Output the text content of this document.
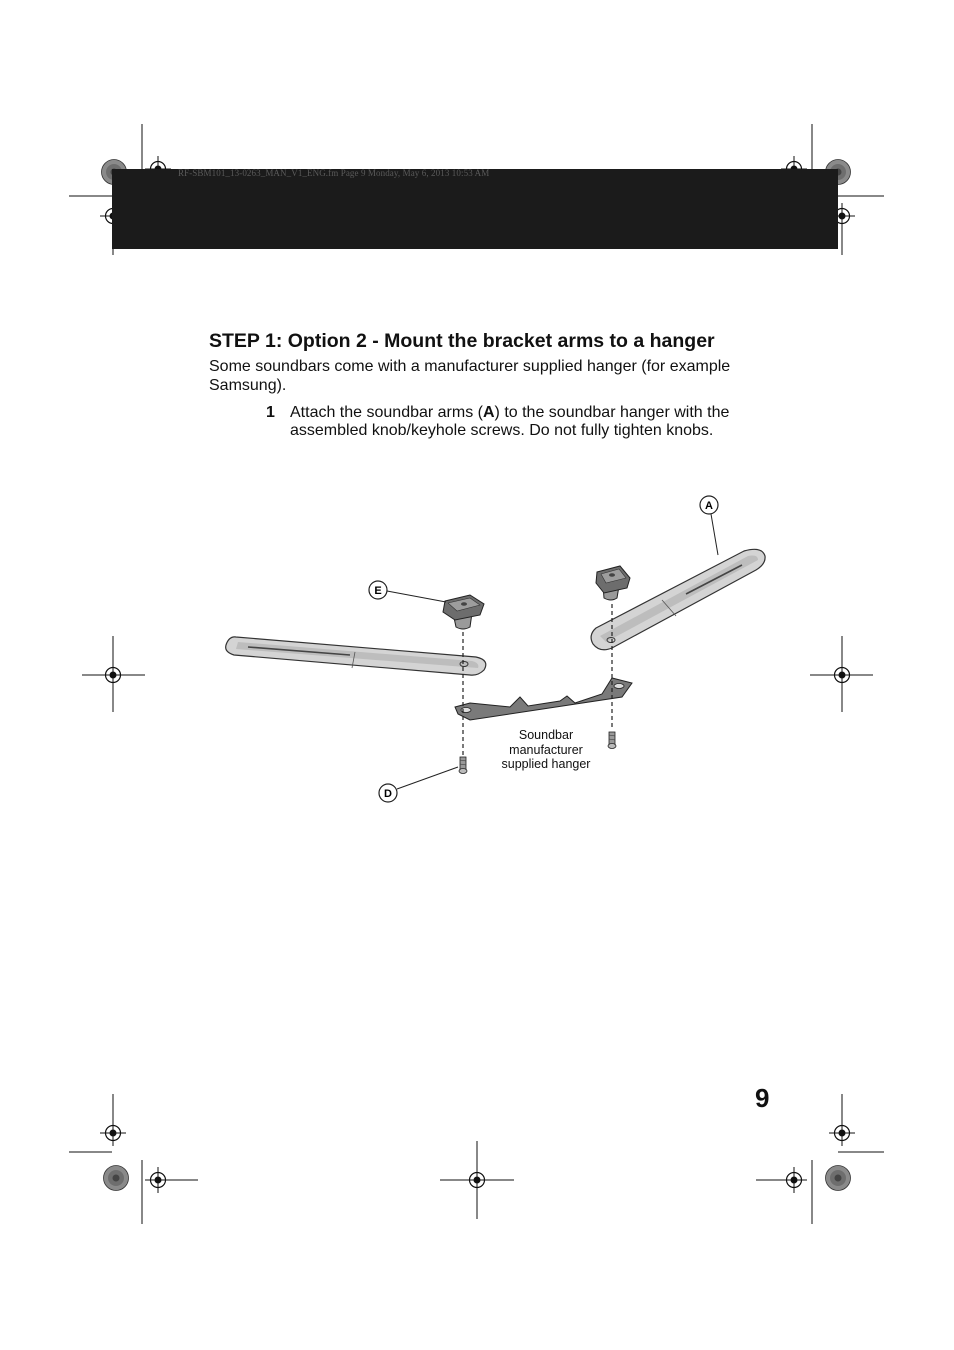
RF-SBM101_13-0263_MAN_V1_ENG.fm Page 9 Monday, May 6, 2013 10:53 AM
STEP 1: Option 2 - Mount the bracket arms to a hanger

Some soundbars come with a manufacturer supplied hanger (for example Samsung).

1 Attach the soundbar arms (A) to the soundbar hanger with the assembled knob/keyhole screws. Do not fully tighten knobs.

A
E
D
Soundbar
manufacturer
supplied hanger
9
